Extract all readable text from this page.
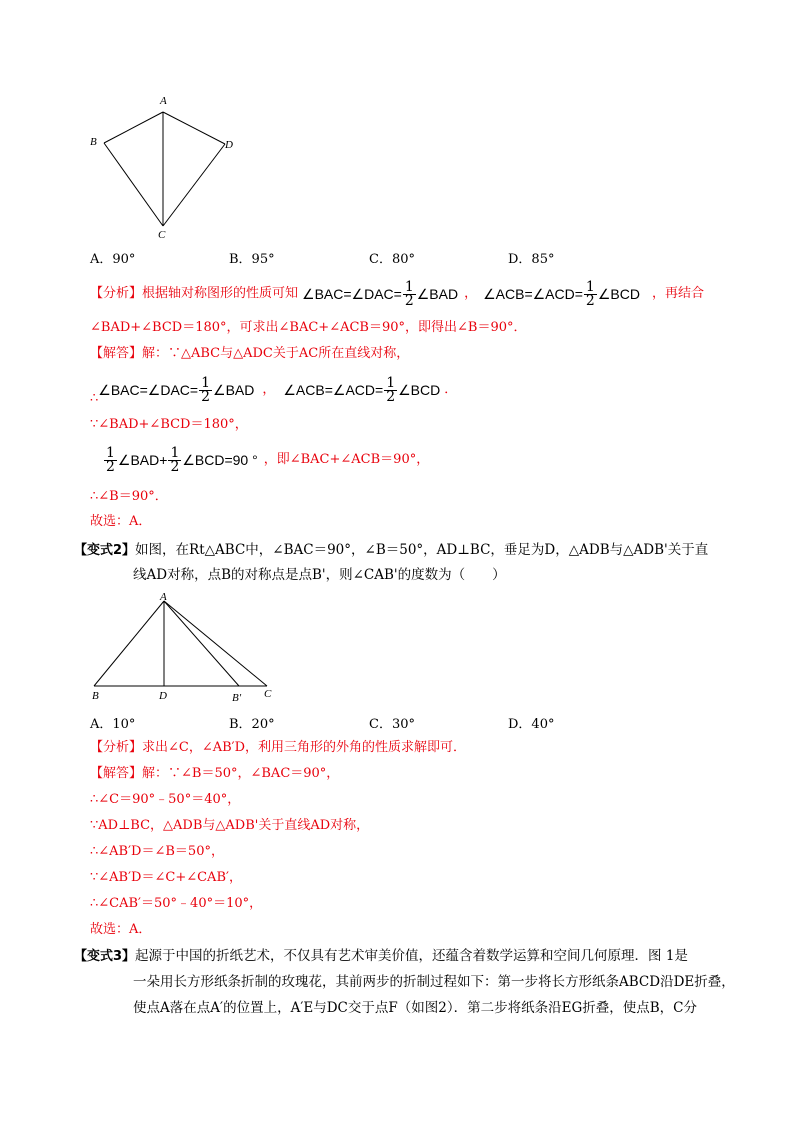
A
B	D
C
A．90°	B．95°	C．80°	D．85°
【分析】根据轴对称图形的性质可知 ∠BAC=∠DAC= $\frac{1}{2}$ ∠BAD ， ∠ACB=∠ACD= $\frac{1}{2}$ ∠BCD ，再结合
∠BAD+∠BCD＝180°，可求出∠BAC+∠ACB＝90°，即得出∠B＝90°．
【解答】解：∵△ABC与△ADC关于AC所在直线对称，
∴
∠BAC=∠DAC= $\frac{1}{2}$ ∠BAD ， ∠ACB=∠ACD= $\frac{1}{2}$ ∠BCD ．
∵∠BAD+∠BCD＝180°，
$\frac{1}{2}$ ∠BAD+ $\frac{1}{2}$ ∠BCD=90 ° ，即∠BAC+∠ACB＝90°，
∴∠B＝90°．
故选：A．
【变式2】如图，在Rt△ABC中，∠BAC＝90°，∠B＝50°，AD⊥BC，垂足为D，△ADB与△ADB'关于直
线AD对称，点B的对称点是点B'，则∠CAB'的度数为（　　）
A
B	D	B′ C
A．10°	B．20°	C．30°	D．40°
【分析】求出∠C，∠AB′D，利用三角形的外角的性质求解即可．
【解答】解：∵∠B＝50°，∠BAC＝90°，
∴∠C＝90°﹣50°＝40°，
∵AD⊥BC，△ADB与△ADB'关于直线AD对称，
∴∠AB′D＝∠B＝50°，
∵∠AB′D＝∠C+∠CAB′，
∴∠CAB′＝50°﹣40°＝10°，
故选：A．
【变式3】起源于中国的折纸艺术，不仅具有艺术审美价值，还蕴含着数学运算和空间几何原理．图 1是
一朵用长方形纸条折制的玫瑰花，其前两步的折制过程如下：第一步将长方形纸条ABCD沿DE折叠，
使点A落在点A′的位置上，A′E与DC交于点F（如图2）．第二步将纸条沿EG折叠，使点B，C分
